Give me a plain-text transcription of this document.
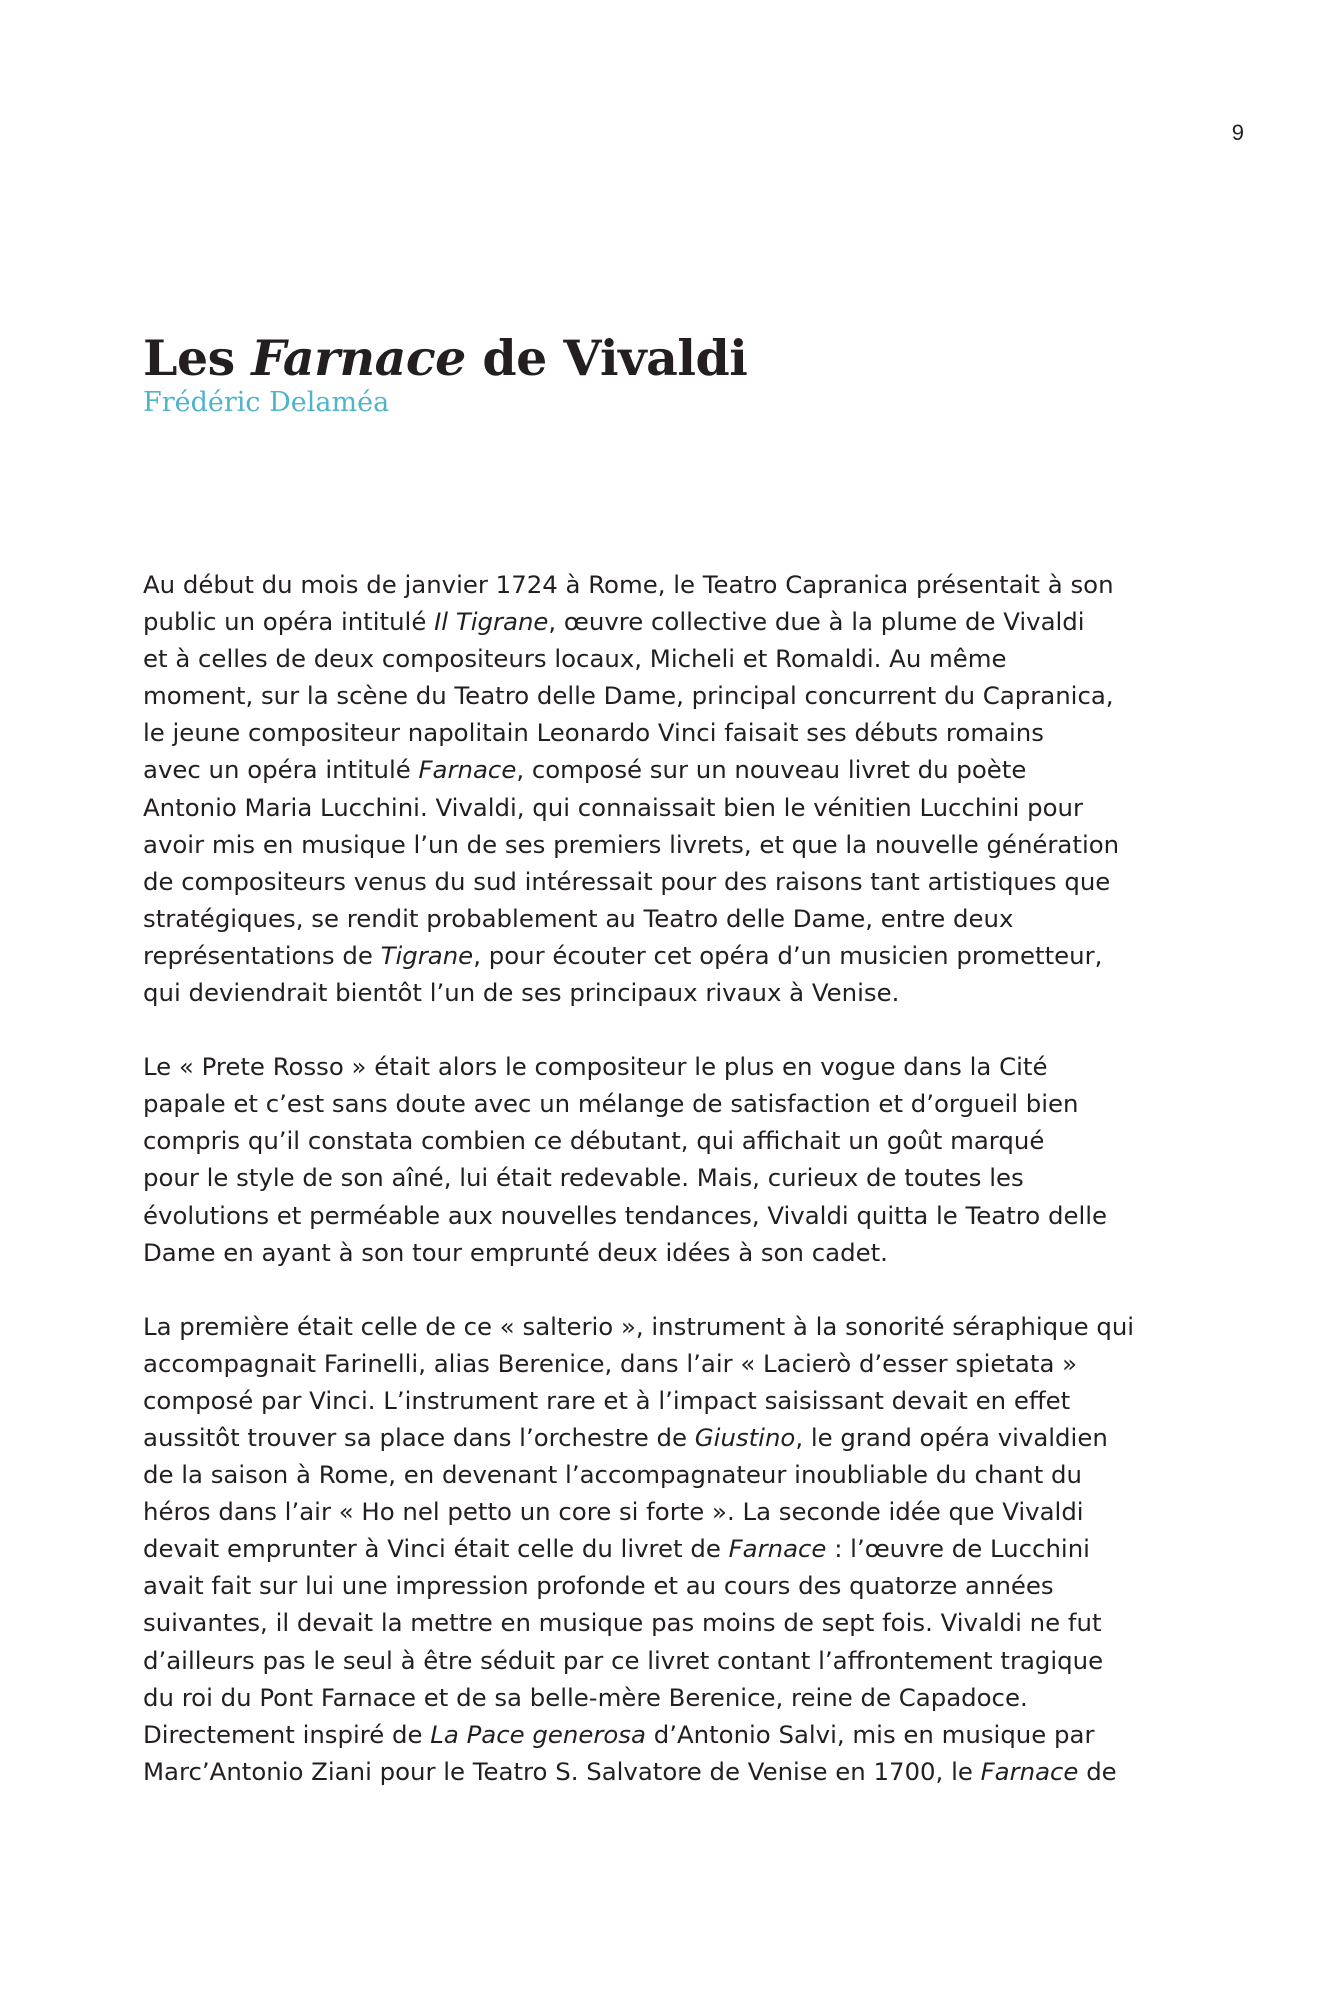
9
Les Farnace de Vivaldi

Frédéric Delaméa

Au début du mois de janvier 1724 à Rome, le Teatro Capranica présentait à son
public un opéra intitulé Il Tigrane, œuvre collective due à la plume de Vivaldi
et à celles de deux compositeurs locaux, Micheli et Romaldi. Au même
moment, sur la scène du Teatro delle Dame, principal concurrent du Capranica,
le jeune compositeur napolitain Leonardo Vinci faisait ses débuts romains
avec un opéra intitulé Farnace, composé sur un nouveau livret du poète
Antonio Maria Lucchini. Vivaldi, qui connaissait bien le vénitien Lucchini pour
avoir mis en musique l’un de ses premiers livrets, et que la nouvelle génération
de compositeurs venus du sud intéressait pour des raisons tant artistiques que
stratégiques, se rendit probablement au Teatro delle Dame, entre deux
représentations de Tigrane, pour écouter cet opéra d’un musicien prometteur,
qui deviendrait bientôt l’un de ses principaux rivaux à Venise.

Le « Prete Rosso » était alors le compositeur le plus en vogue dans la Cité
papale et c’est sans doute avec un mélange de satisfaction et d’orgueil bien
compris qu’il constata combien ce débutant, qui affichait un goût marqué
pour le style de son aîné, lui était redevable. Mais, curieux de toutes les
évolutions et perméable aux nouvelles tendances, Vivaldi quitta le Teatro delle
Dame en ayant à son tour emprunté deux idées à son cadet.

La première était celle de ce « salterio », instrument à la sonorité séraphique qui
accompagnait Farinelli, alias Berenice, dans l’air « Lacierò d’esser spietata »
composé par Vinci. L’instrument rare et à l’impact saisissant devait en effet
aussitôt trouver sa place dans l’orchestre de Giustino, le grand opéra vivaldien
de la saison à Rome, en devenant l’accompagnateur inoubliable du chant du
héros dans l’air « Ho nel petto un core si forte ». La seconde idée que Vivaldi
devait emprunter à Vinci était celle du livret de Farnace : l’œuvre de Lucchini
avait fait sur lui une impression profonde et au cours des quatorze années
suivantes, il devait la mettre en musique pas moins de sept fois. Vivaldi ne fut
d’ailleurs pas le seul à être séduit par ce livret contant l’affrontement tragique
du roi du Pont Farnace et de sa belle-mère Berenice, reine de Capadoce.
Directement inspiré de La Pace generosa d’Antonio Salvi, mis en musique par
Marc’Antonio Ziani pour le Teatro S. Salvatore de Venise en 1700, le Farnace de
